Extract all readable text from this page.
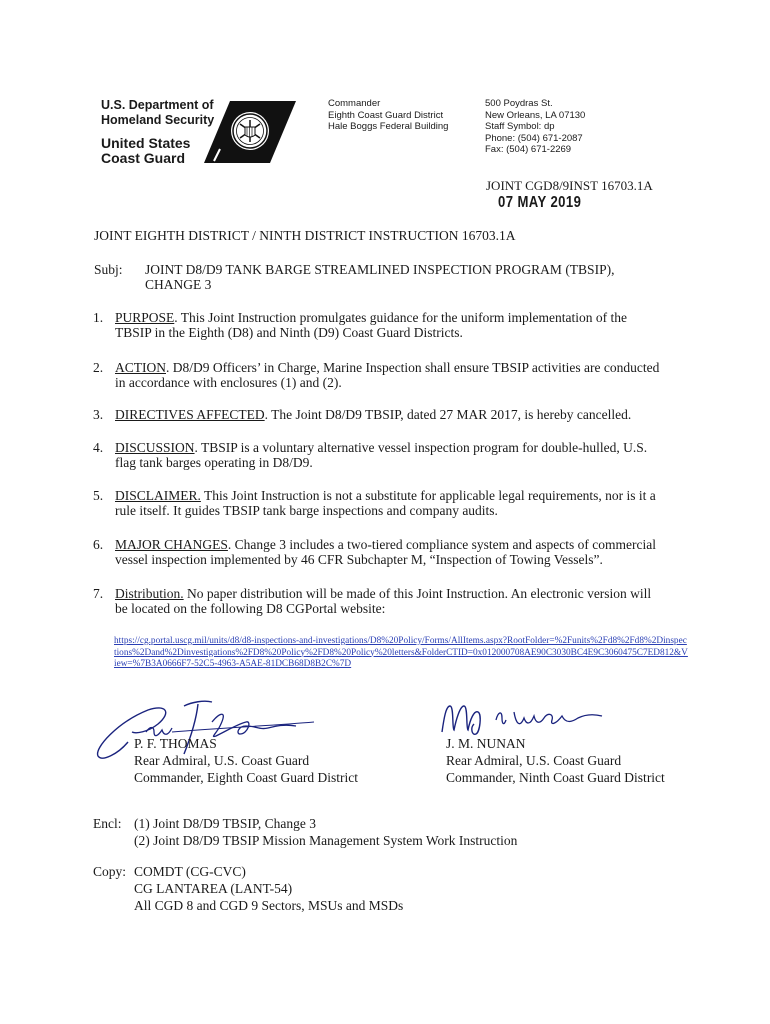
U.S. Department of
Homeland Security
United States
Coast Guard
Commander
Eighth Coast Guard District
Hale Boggs Federal Building
500 Poydras St.
New Orleans, LA 07130
Staff Symbol: dp
Phone: (504) 671-2087
Fax: (504) 671-2269
JOINT CGD8/9INST 16703.1A
07 MAY 2019
JOINT EIGHTH DISTRICT / NINTH DISTRICT INSTRUCTION 16703.1A
Subj: JOINT D8/D9 TANK BARGE STREAMLINED INSPECTION PROGRAM (TBSIP),
CHANGE 3
1. PURPOSE. This Joint Instruction promulgates guidance for the uniform implementation of the
TBSIP in the Eighth (D8) and Ninth (D9) Coast Guard Districts.
2. ACTION. D8/D9 Officers’ in Charge, Marine Inspection shall ensure TBSIP activities are conducted
in accordance with enclosures (1) and (2).
3. DIRECTIVES AFFECTED. The Joint D8/D9 TBSIP, dated 27 MAR 2017, is hereby cancelled.
4. DISCUSSION. TBSIP is a voluntary alternative vessel inspection program for double-hulled, U.S.
flag tank barges operating in D8/D9.
5. DISCLAIMER. This Joint Instruction is not a substitute for applicable legal requirements, nor is it a
rule itself. It guides TBSIP tank barge inspections and company audits.
6. MAJOR CHANGES. Change 3 includes a two-tiered compliance system and aspects of commercial
vessel inspection implemented by 46 CFR Subchapter M, “Inspection of Towing Vessels”.
7. Distribution. No paper distribution will be made of this Joint Instruction. An electronic version will
be located on the following D8 CGPortal website:
https://cg.portal.uscg.mil/units/d8/d8-inspections-and-investigations/D8%20Policy/Forms/AllItems.aspx?RootFolder=%2Funits%2Fd8%2Fd8%2Dinspections%2Dand%2Dinvestigations%2FD8%20Policy%2FD8%20Policy%20letters&FolderCTID=0x012000708AE90C3030BC4E9C3060475C7ED812&View=%7B3A0666F7-52C5-4963-A5AE-81DCB68D8B2C%7D
P. F. THOMAS
Rear Admiral, U.S. Coast Guard
Commander, Eighth Coast Guard District
J. M. NUNAN
Rear Admiral, U.S. Coast Guard
Commander, Ninth Coast Guard District
Encl: (1) Joint D8/D9 TBSIP, Change 3
(2) Joint D8/D9 TBSIP Mission Management System Work Instruction
Copy: COMDT (CG-CVC)
CG LANTAREA (LANT-54)
All CGD 8 and CGD 9 Sectors, MSUs and MSDs
